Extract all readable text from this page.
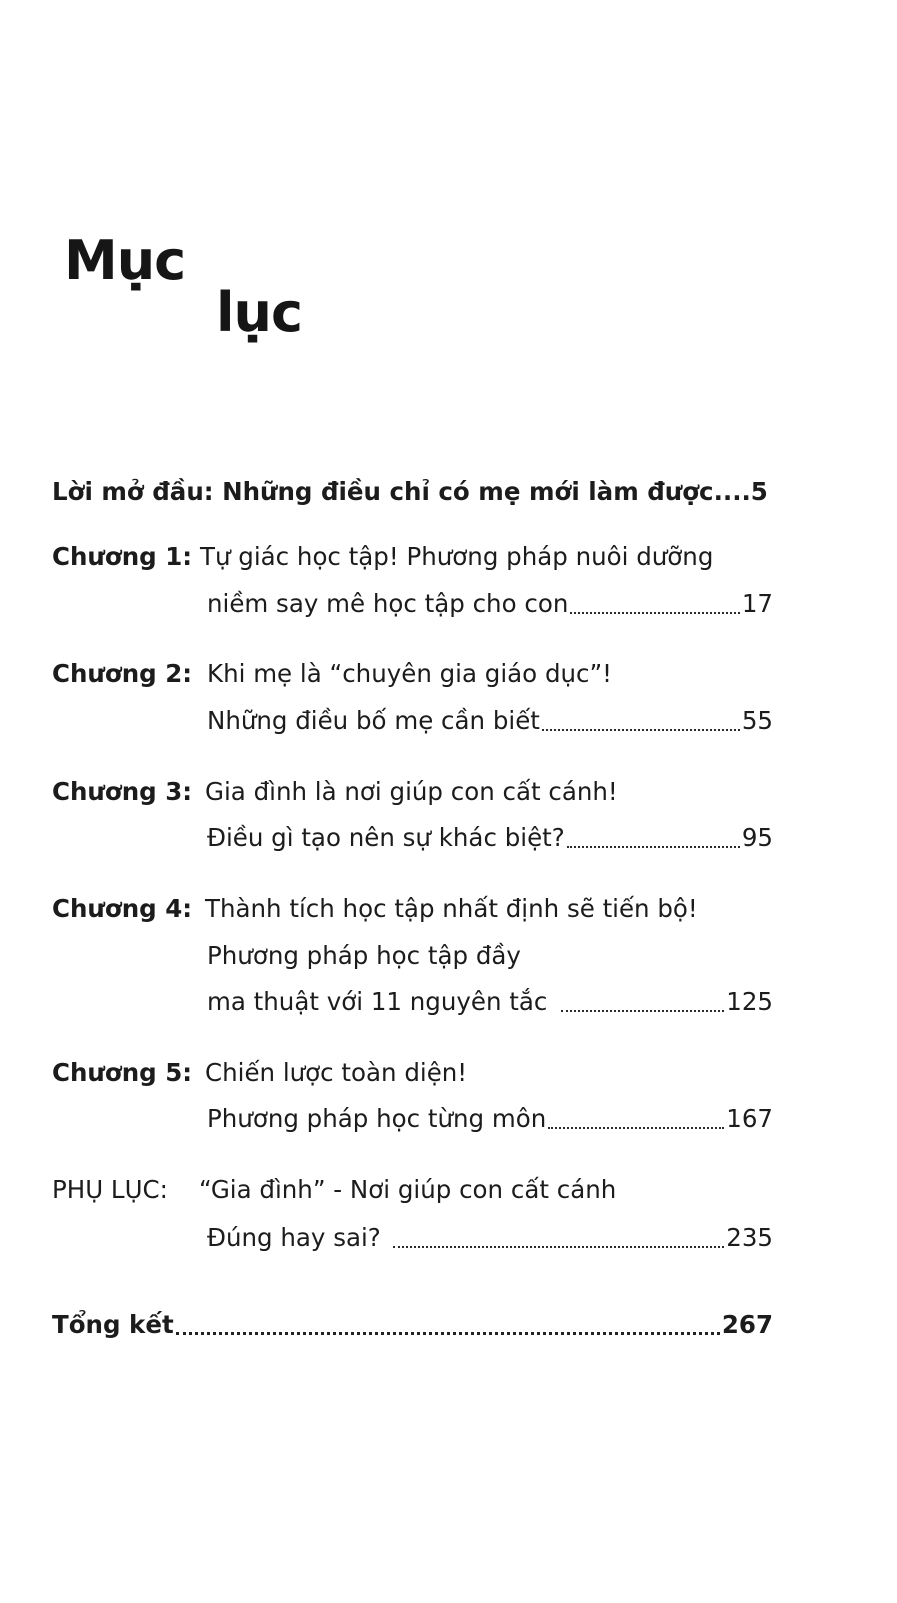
Mục
lục
Lời mở đầu: Những điều chỉ có mẹ mới làm được....5
Chương 1: Tự giác học tập! Phương pháp nuôi dưỡng
niềm say mê học tập cho con	17
Chương 2: Khi mẹ là “chuyên gia giáo dục”!
Những điều bố mẹ cần biết	55
Chương 3: Gia đình là nơi giúp con cất cánh!
Điều gì tạo nên sự khác biệt?	95
Chương 4: Thành tích học tập nhất định sẽ tiến bộ!
Phương pháp học tập đầy
ma thuật với 11 nguyên tắc	125
Chương 5: Chiến lược toàn diện!
Phương pháp học từng môn	167
PHỤ LỤC: “Gia đình” - Nơi giúp con cất cánh
Đúng hay sai?	235
Tổng kết	267
